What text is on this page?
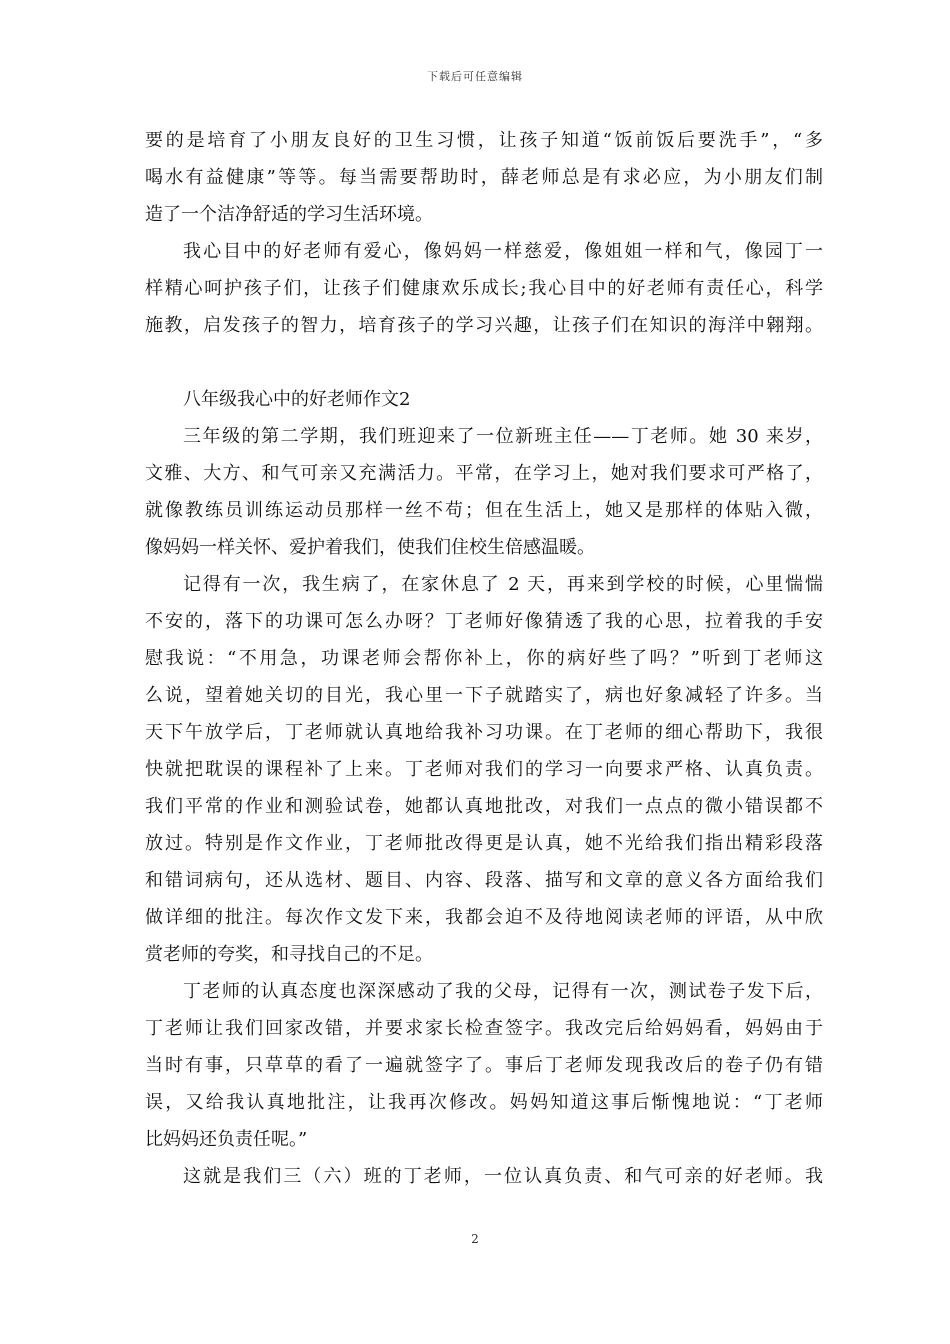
下载后可任意编辑
要的是培育了小朋友良好的卫生习惯，让孩子知道“饭前饭后要洗手”，“多
喝水有益健康”等等。每当需要帮助时，薛老师总是有求必应，为小朋友们制
造了一个洁净舒适的学习生活环境。
我心目中的好老师有爱心，像妈妈一样慈爱，像姐姐一样和气，像园丁一
样精心呵护孩子们，让孩子们健康欢乐成长;我心目中的好老师有责任心，科学
施教，启发孩子的智力，培育孩子的学习兴趣，让孩子们在知识的海洋中翱翔。
八年级我心中的好老师作文2
三年级的第二学期，我们班迎来了一位新班主任——丁老师。她 30 来岁，
文雅、大方、和气可亲又充满活力。平常，在学习上，她对我们要求可严格了，
就像教练员训练运动员那样一丝不苟；但在生活上，她又是那样的体贴入微，
像妈妈一样关怀、爱护着我们，使我们住校生倍感温暖。
记得有一次，我生病了，在家休息了 2 天，再来到学校的时候，心里惴惴
不安的，落下的功课可怎么办呀？丁老师好像猜透了我的心思，拉着我的手安
慰我说：“不用急，功课老师会帮你补上，你的病好些了吗？”听到丁老师这
么说，望着她关切的目光，我心里一下子就踏实了，病也好象减轻了许多。当
天下午放学后，丁老师就认真地给我补习功课。在丁老师的细心帮助下，我很
快就把耽误的课程补了上来。丁老师对我们的学习一向要求严格、认真负责。
我们平常的作业和测验试卷，她都认真地批改，对我们一点点的微小错误都不
放过。特别是作文作业，丁老师批改得更是认真，她不光给我们指出精彩段落
和错词病句，还从选材、题目、内容、段落、描写和文章的意义各方面给我们
做详细的批注。每次作文发下来，我都会迫不及待地阅读老师的评语，从中欣
赏老师的夸奖，和寻找自己的不足。
丁老师的认真态度也深深感动了我的父母，记得有一次，测试卷子发下后，
丁老师让我们回家改错，并要求家长检查签字。我改完后给妈妈看，妈妈由于
当时有事，只草草的看了一遍就签字了。事后丁老师发现我改后的卷子仍有错
误，又给我认真地批注，让我再次修改。妈妈知道这事后惭愧地说：“丁老师
比妈妈还负责任呢。”
这就是我们三（六）班的丁老师，一位认真负责、和气可亲的好老师。我
2
